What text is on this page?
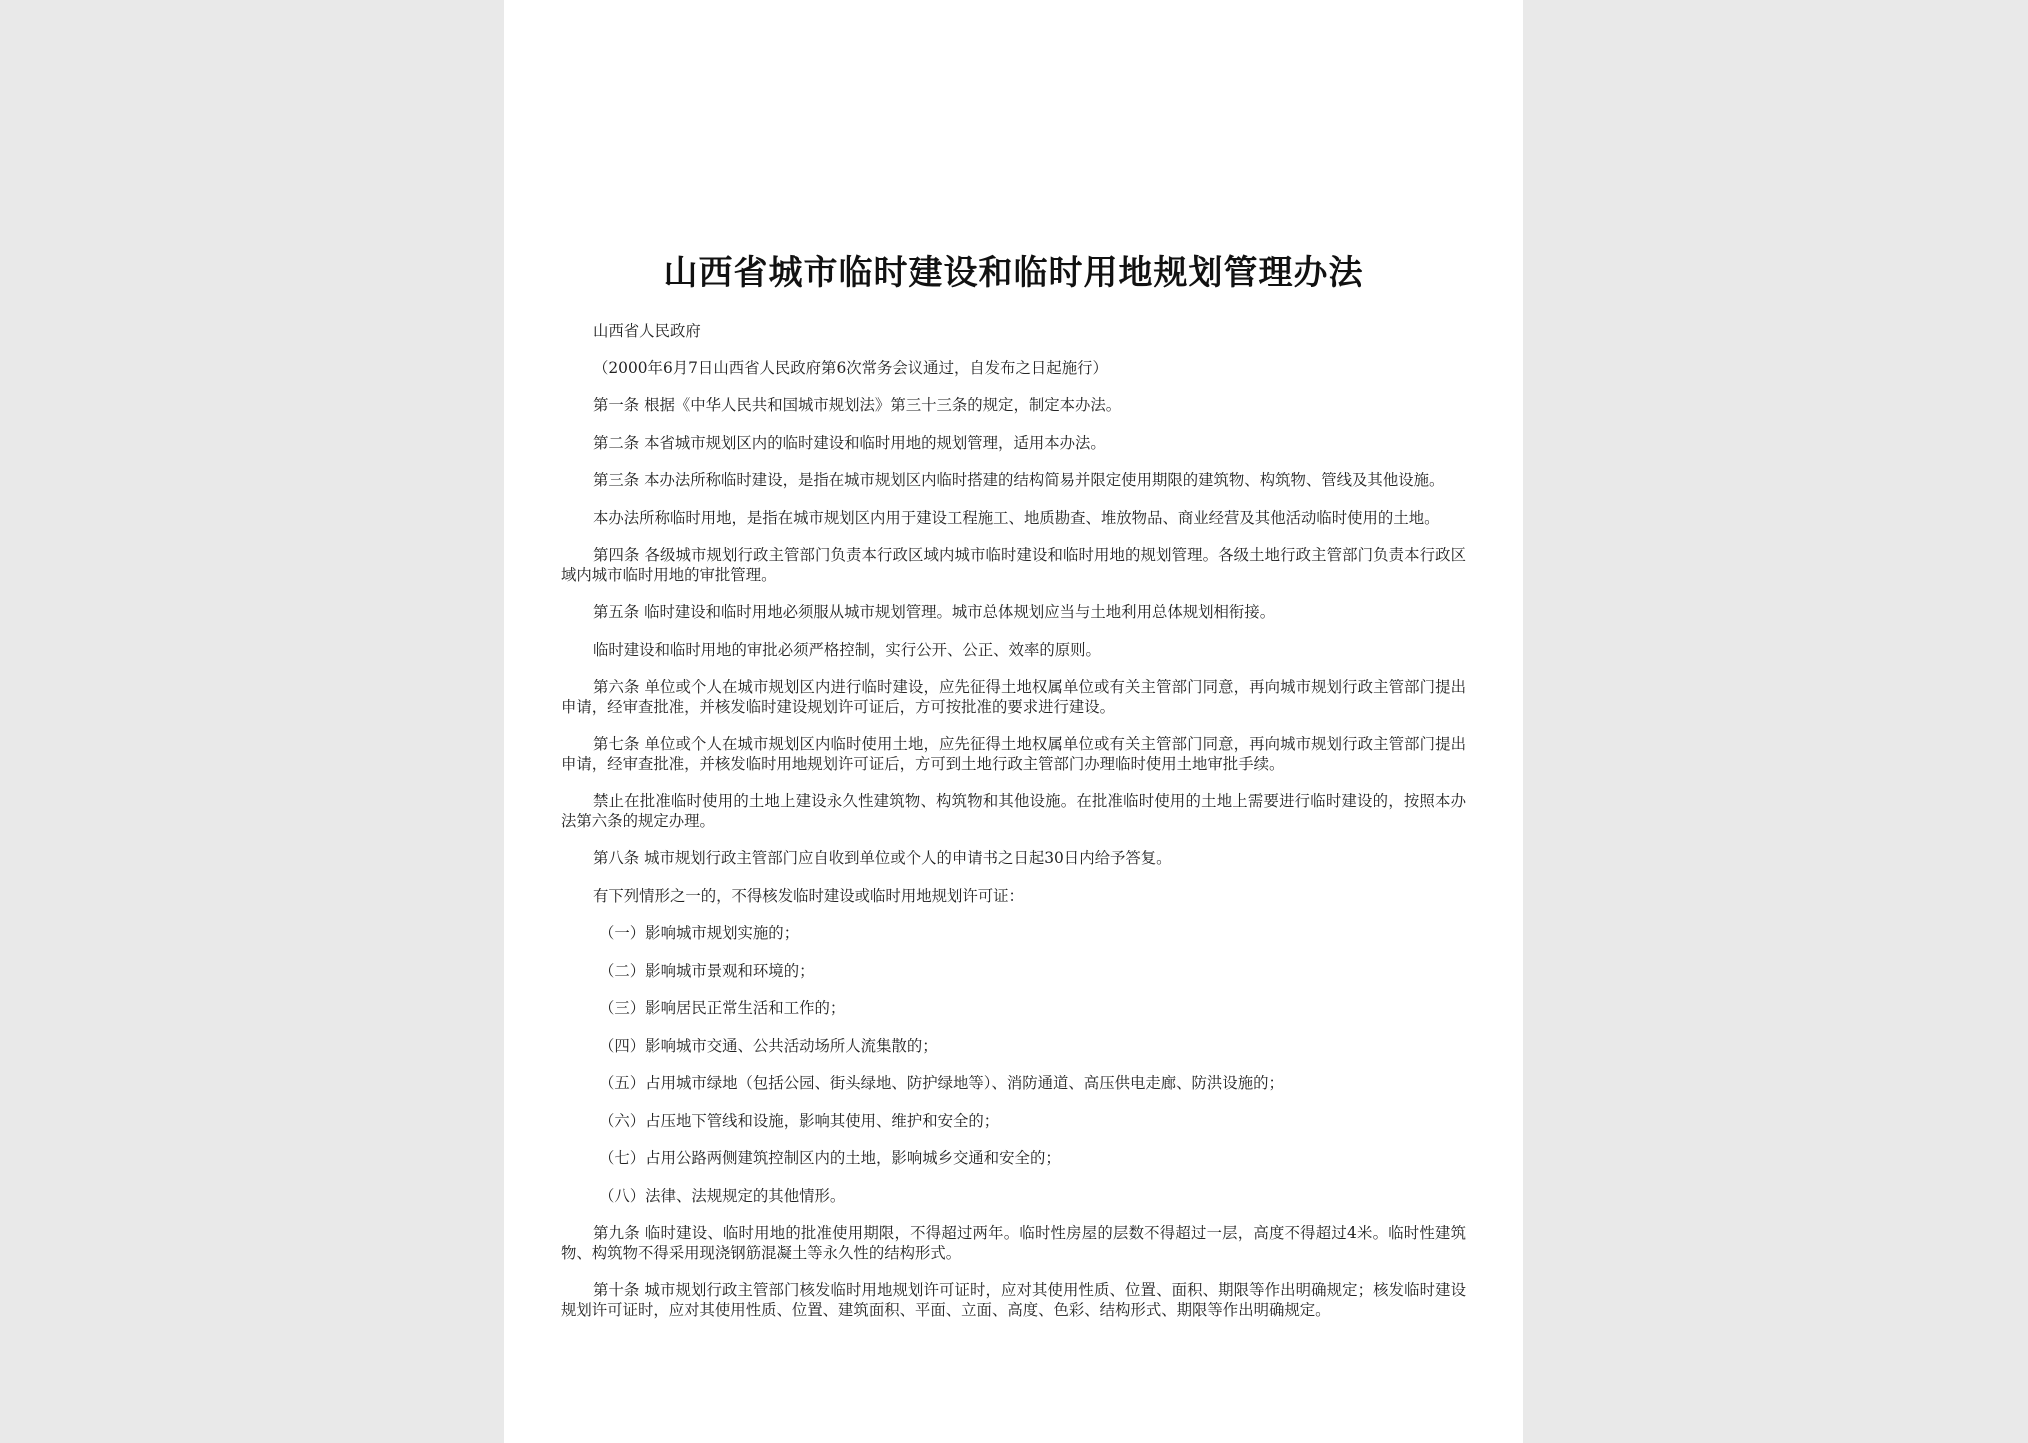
山西省城市临时建设和临时用地规划管理办法

山西省人民政府

（2000年6月7日山西省人民政府第6次常务会议通过，自发布之日起施行）

第一条 根据《中华人民共和国城市规划法》第三十三条的规定，制定本办法。

第二条 本省城市规划区内的临时建设和临时用地的规划管理，适用本办法。

第三条 本办法所称临时建设，是指在城市规划区内临时搭建的结构简易并限定使用期限的建筑物、构筑物、管线及其他设施。

本办法所称临时用地，是指在城市规划区内用于建设工程施工、地质勘查、堆放物品、商业经营及其他活动临时使用的土地。

第四条 各级城市规划行政主管部门负责本行政区域内城市临时建设和临时用地的规划管理。各级土地行政主管部门负责本行政区域内城市临时用地的审批管理。

第五条 临时建设和临时用地必须服从城市规划管理。城市总体规划应当与土地利用总体规划相衔接。

临时建设和临时用地的审批必须严格控制，实行公开、公正、效率的原则。

第六条 单位或个人在城市规划区内进行临时建设，应先征得土地权属单位或有关主管部门同意，再向城市规划行政主管部门提出申请，经审查批准，并核发临时建设规划许可证后，方可按批准的要求进行建设。

第七条 单位或个人在城市规划区内临时使用土地，应先征得土地权属单位或有关主管部门同意，再向城市规划行政主管部门提出申请，经审查批准，并核发临时用地规划许可证后，方可到土地行政主管部门办理临时使用土地审批手续。

禁止在批准临时使用的土地上建设永久性建筑物、构筑物和其他设施。在批准临时使用的土地上需要进行临时建设的，按照本办法第六条的规定办理。

第八条 城市规划行政主管部门应自收到单位或个人的申请书之日起30日内给予答复。

有下列情形之一的，不得核发临时建设或临时用地规划许可证：

（一）影响城市规划实施的；

（二）影响城市景观和环境的；

（三）影响居民正常生活和工作的；

（四）影响城市交通、公共活动场所人流集散的；

（五）占用城市绿地（包括公园、街头绿地、防护绿地等）、消防通道、高压供电走廊、防洪设施的；

（六）占压地下管线和设施，影响其使用、维护和安全的；

（七）占用公路两侧建筑控制区内的土地，影响城乡交通和安全的；

（八）法律、法规规定的其他情形。

第九条 临时建设、临时用地的批准使用期限，不得超过两年。临时性房屋的层数不得超过一层，高度不得超过4米。临时性建筑物、构筑物不得采用现浇钢筋混凝土等永久性的结构形式。

第十条 城市规划行政主管部门核发临时用地规划许可证时，应对其使用性质、位置、面积、期限等作出明确规定；核发临时建设规划许可证时，应对其使用性质、位置、建筑面积、平面、立面、高度、色彩、结构形式、期限等作出明确规定。
